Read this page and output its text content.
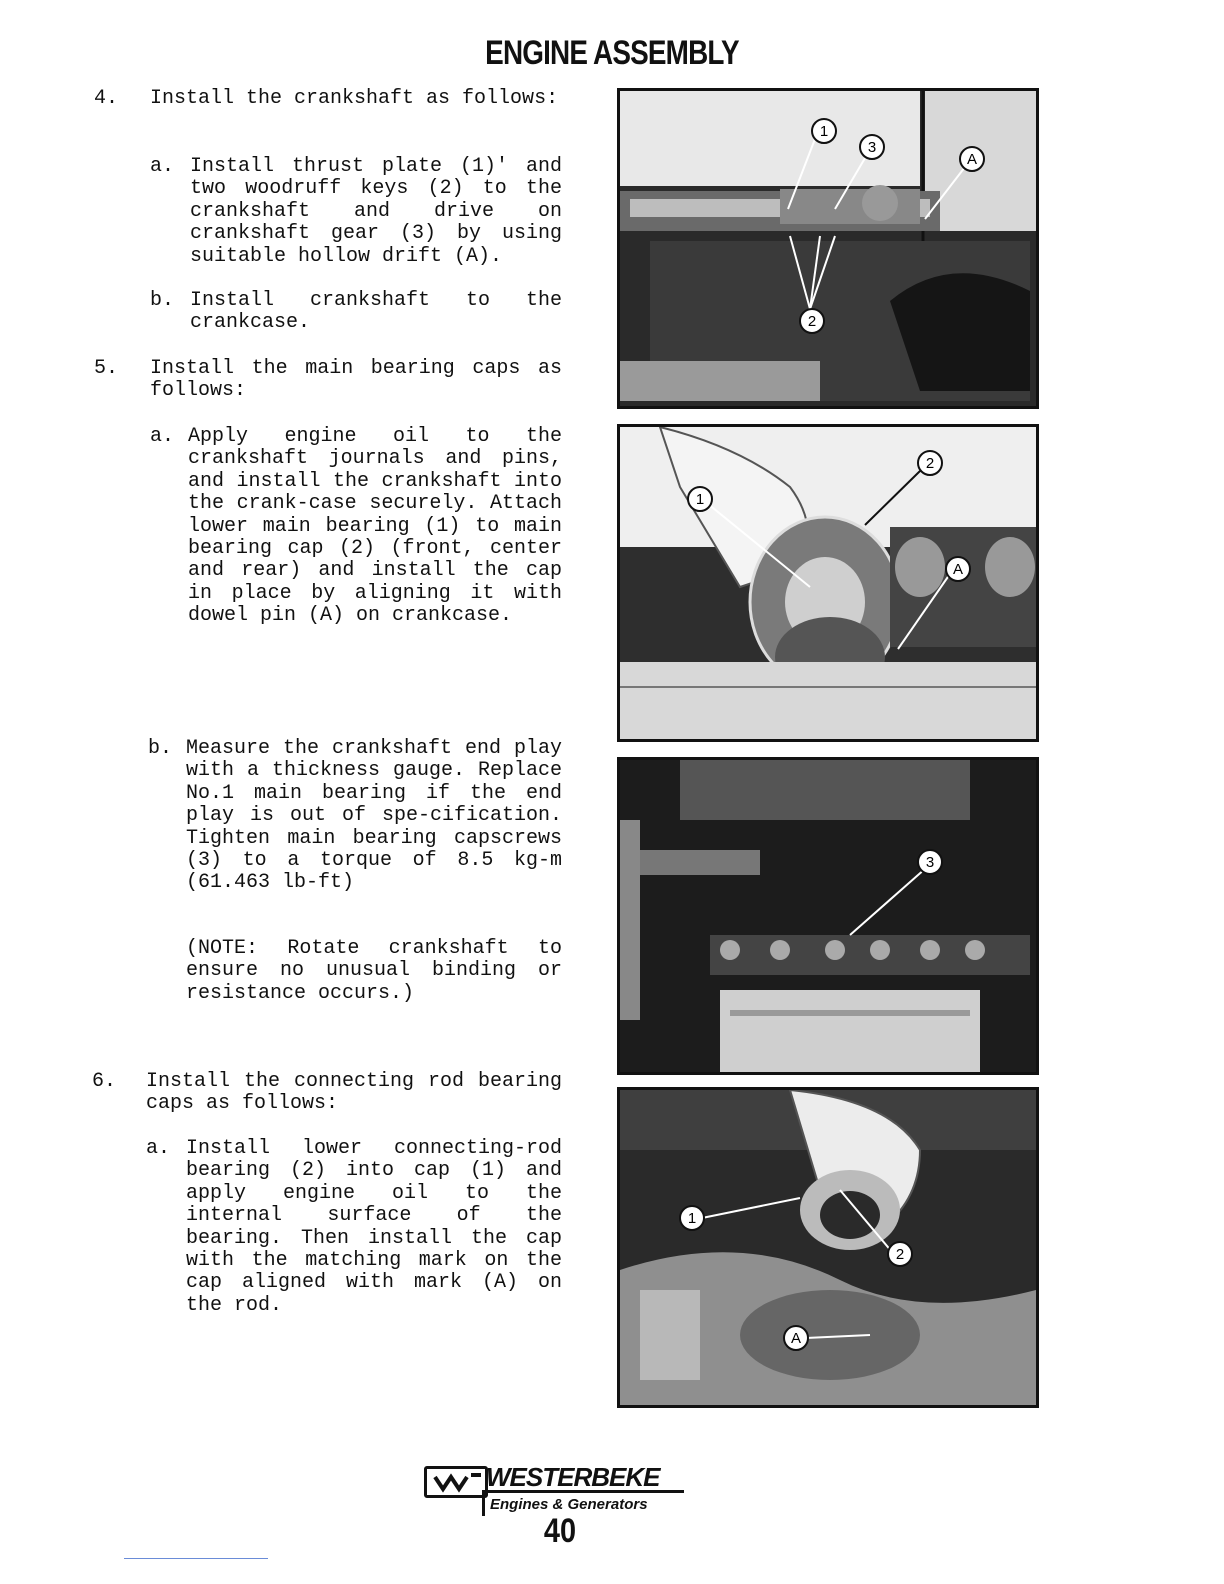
ENGINE ASSEMBLY
4.	Install the crankshaft as follows:
a. Install thrust plate (1)' and two woodruff keys (2) to the crankshaft and drive on crankshaft gear (3) by using suitable hollow drift (A).
b. Install crankshaft to the crankcase.
5.	Install the main bearing caps as follows:
a. Apply engine oil to the crankshaft journals and pins, and install the crankshaft into the crank-case securely. Attach lower main bearing (1) to main bearing cap (2) (front, center and rear) and install the cap in place by aligning it with dowel pin (A) on crankcase.
b. Measure the crankshaft end play with a thickness gauge. Replace No.1 main bearing if the end play is out of spe-cification. Tighten main bearing capscrews (3) to a torque of 8.5 kg-m (61.463 lb-ft)
(NOTE: Rotate crankshaft to ensure no unusual binding or resistance occurs.)
6.	Install the connecting rod bearing caps as follows:
a. Install lower connecting-rod bearing (2) into cap (1) and apply engine oil to the internal surface of the bearing. Then install the cap with the matching mark on the cap aligned with mark (A) on the rod.
1
3
A
2
2
1
A
3
1
2
A
WESTERBEKE
Engines & Generators
40
